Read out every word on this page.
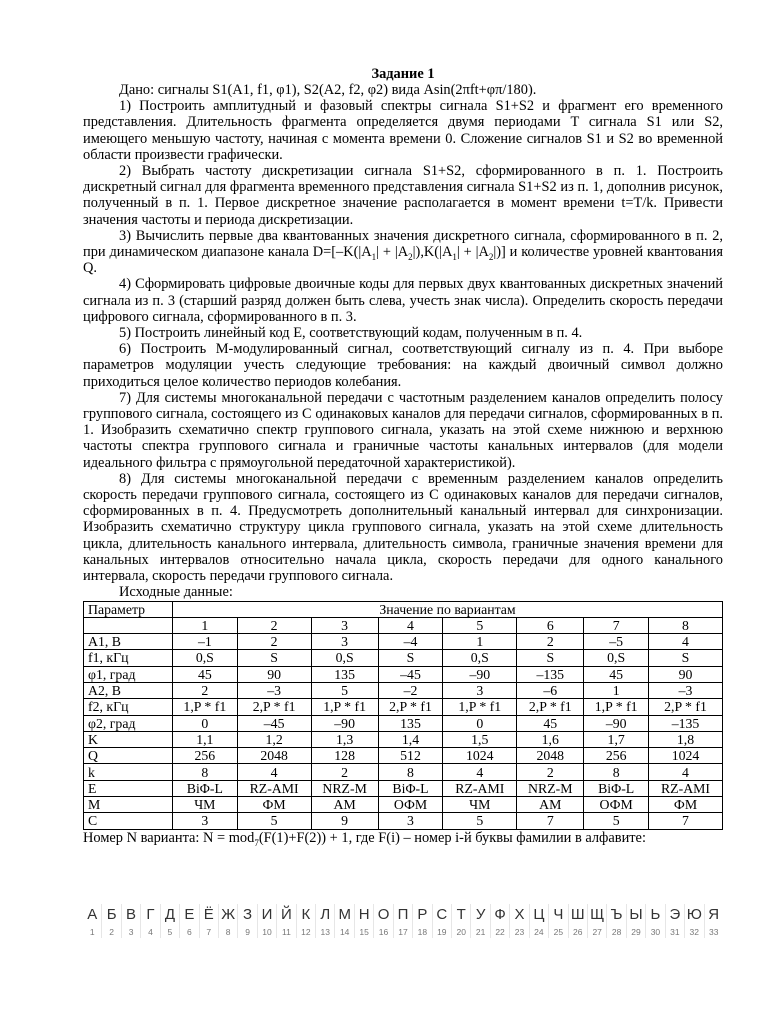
Задание 1

Дано: сигналы S1(A1, f1, φ1), S2(A2, f2, φ2) вида Asin(2πft+φπ/180).

1) Построить амплитудный и фазовый спектры сигнала S1+S2 и фрагмент его временного представления. Длительность фрагмента определяется двумя периодами T сигнала S1 или S2, имеющего меньшую частоту, начиная с момента времени 0. Сложение сигналов S1 и S2 во временной области произвести графически.

2) Выбрать частоту дискретизации сигнала S1+S2, сформированного в п. 1. Построить дискретный сигнал для фрагмента временного представления сигнала S1+S2 из п. 1, дополнив рисунок, полученный в п. 1. Первое дискретное значение располагается в момент времени t=T/k. Привести значения частоты и периода дискретизации.

3) Вычислить первые два квантованных значения дискретного сигнала, сформированного в п. 2, при динамическом диапазоне канала $D=[-K(|A_1| + |A_2|),K(|A_1| + |A_2|)]$ и количестве уровней квантования Q.

4) Сформировать цифровые двоичные коды для первых двух квантованных дискретных значений сигнала из п. 3 (старший разряд должен быть слева, учесть знак числа). Определить скорость передачи цифрового сигнала, сформированного в п. 3.

5) Построить линейный код E, соответствующий кодам, полученным в п. 4.

6) Построить M-модулированный сигнал, соответствующий сигналу из п. 4. При выборе параметров модуляции учесть следующие требования: на каждый двоичный символ должно приходиться целое количество периодов колебания.

7) Для системы многоканальной передачи с частотным разделением каналов определить полосу группового сигнала, состоящего из C одинаковых каналов для передачи сигналов, сформированных в п. 1. Изобразить схематично спектр группового сигнала, указать на этой схеме нижнюю и верхнюю частоты спектра группового сигнала и граничные частоты канальных интервалов (для модели идеального фильтра с прямоугольной передаточной характеристикой).

8) Для системы многоканальной передачи с временным разделением каналов определить скорость передачи группового сигнала, состоящего из C одинаковых каналов для передачи сигналов, сформированных в п. 4. Предусмотреть дополнительный канальный интервал для синхронизации. Изобразить схематично структуру цикла группового сигнала, указать на этой схеме длительность цикла, длительность канального интервала, длительность символа, граничные значения времени для канальных интервалов относительно начала цикла, скорость передачи для одного канального интервала, скорость передачи группового сигнала.

Исходные данные:

Параметр	Значение по вариантам							
	1	2	3	4	5	6	7	8
A1, В	–1	2	3	–4	1	2	–5	4
f1, кГц	0,S	S	0,S	S	0,S	S	0,S	S
φ1, град	45	90	135	–45	–90	–135	45	90
A2, В	2	–3	5	–2	3	–6	1	–3
f2, кГц	1,P * f1	2,P * f1	1,P * f1	2,P * f1	1,P * f1	2,P * f1	1,P * f1	2,P * f1
φ2, град	0	–45	–90	135	0	45	–90	–135
K	1,1	1,2	1,3	1,4	1,5	1,6	1,7	1,8
Q	256	2048	128	512	1024	2048	256	1024
k	8	4	2	8	4	2	8	4
E	BiΦ-L	RZ-AMI	NRZ-M	BiΦ-L	RZ-AMI	NRZ-M	BiΦ-L	RZ-AMI
M	ЧМ	ФМ	АМ	ОФМ	ЧМ	АМ	ОФМ	ФМ
C	3	5	9	3	5	7	5	7

Номер N варианта: N = mod$_7$(F(1)+F(2)) + 1, где F(i) – номер i-й буквы фамилии в алфавите:

А Б В Г Д Е Ё Ж З И Й К Л М Н О П Р С Т У Ф Х Ц Ч Ш Щ Ъ Ы Ь Э Ю Я
1	2	3	4	5	6	7	8	9	10	11	12	13	14	15	16	17	18	19	20	21	22	23	24	25	26	27	28	29	30	31	32	33
